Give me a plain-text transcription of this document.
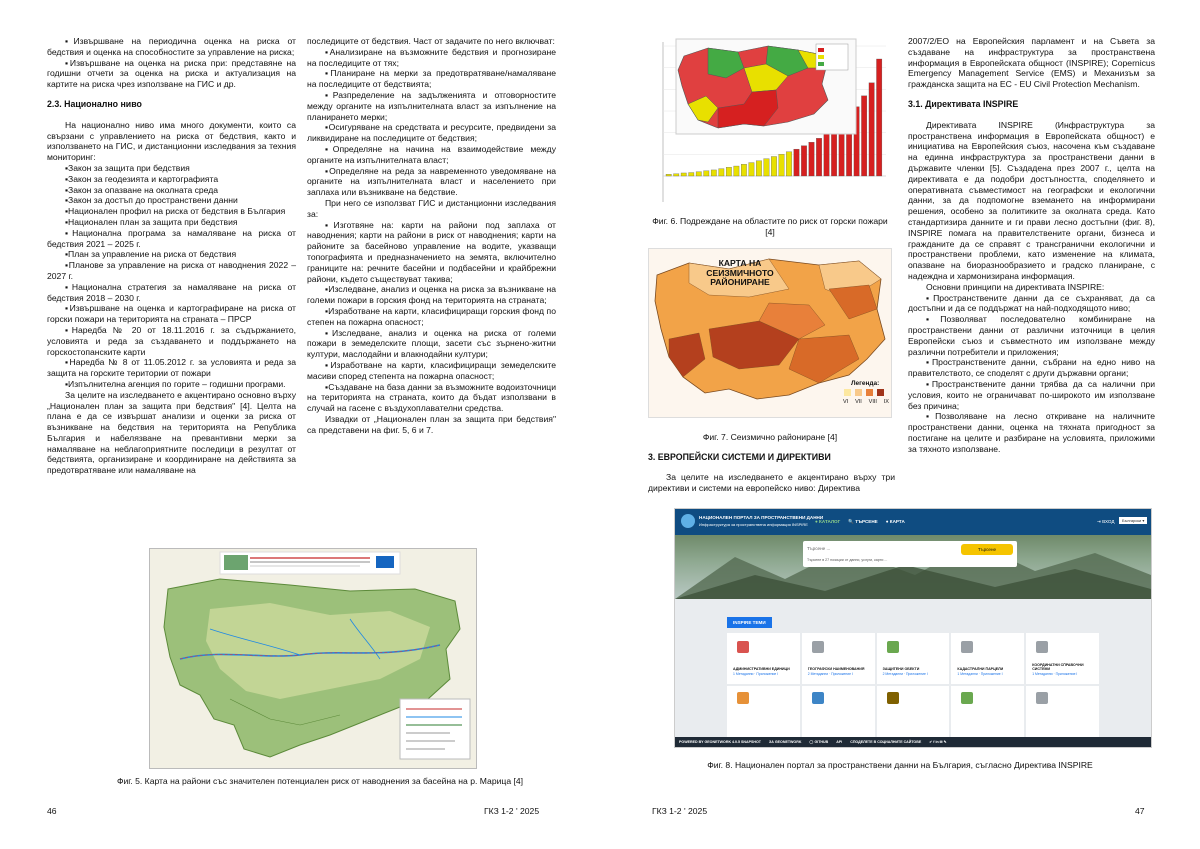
▪Извършване на периодична оценка на риска от бедствия и оценка на способностите за управление на риска;

▪Извършване на оценка на риска при: представяне на годишни отчети за оценка на риска и актуализация на картите на риска чрез използване на ГИС и др.

2.3. Национално ниво

На национално ниво има много документи, които са свързани с управлението на риска от бедствия, както и използването на ГИС, и дистанционни изследвания за техния мониторинг:

▪Закон за защита при бедствия

▪Закон за геодезията и картографията

▪Закон за опазване на околната среда

▪Закон за достъп до пространствени данни

▪Национален профил на риска от бедствия в България

▪Национален план за защита при бедствия

▪Национална програма за намаляване на риска от бедствия 2021 – 2025 г.

▪План за управление на риска от бедствия

▪Планове за управление на риска от наводнения 2022 – 2027 г.

▪Национална стратегия за намаляване на риска от бедствия 2018 – 2030 г.

▪Извършване на оценка и картографиране на риска от горски пожари на територията на страната – ПРСР

▪Наредба № 20 от 18.11.2016 г. за съдържанието, условията и реда за създаването и поддържането на горскостопанските карти

▪Наредба № 8 от 11.05.2012 г. за условията и реда за защита на горските територии от пожари

▪Изпълнителна агенция по горите – годишни програми.

За целите на изследването е акцентирано основно върху „Национален план за защита при бедствия" [4]. Целта на плана е да се извършат анализи и оценки за риска от възникване на бедствия на територията на Република България и набелязване на превантивни мерки за намаляване на неблагоприятните последици в резултат от бедствията, организиране и координиране на действията за предотвратяване или намаляване на

последиците от бедствия. Част от задачите по него включват:

▪Анализиране на възможните бедствия и прогнозиране на последиците от тях;

▪Планиране на мерки за предотвратяване/намаляване на последиците от бедствията;

▪Разпределение на задълженията и отговорностите между органите на изпълнителната власт за изпълнение на планирането мерки;

▪Осигуряване на средствата и ресурсите, предвидени за ликвидиране на последиците от бедствия;

▪Определяне на начина на взаимодействие между органите на изпълнителната власт;

▪Определяне на реда за навременното уведомяване на органите на изпълнителната власт и населението при заплаха или възникване на бедствие.

При него се използват ГИС и дистанционни изследвания за:

▪Изготвяне на: карти на райони под заплаха от наводнения; карти на райони в риск от наводнения; карти на районите за басейново управление на водите, указващи топографията и предназначението на земята, включително границите на: речните басейни и подбасейни и крайбрежни райони, където съществуват такива;

▪Изследване, анализ и оценка на риска за възникване на големи пожари в горския фонд на територията на страната;

▪Изработване на карти, класифициращи горския фонд по степен на пожарна опасност;

▪Изследване, анализ и оценка на риска от големи пожари в земеделските площи, засети със зърнено-житни култури, маслодайни и влакнодайни култури;

▪Изработване на карти, класифициращи земеделските масиви според степента на пожарна опасност;

▪Създаване на база данни за възможните водоизточници на територията на страната, които да бъдат използвани в случай на гасене с въздухоплавателни средства.

Извадки от „Национален план за защита при бедствия" са представени на фиг. 5, 6 и 7.

Фиг. 5. Карта на райони със значителен потенциален риск от наводнения за басейна на р. Марица [4]
46	ГКЗ 1-2 ' 2025
Фиг. 6. Подреждане на областите по риск от горски пожари [4]
КАРТА НА СЕИЗМИЧНОТО РАЙОНИРАНЕ
Легенда:
VI VII VIII IX
Фиг. 7. Сеизмично райониране [4]
3. ЕВРОПЕЙСКИ СИСТЕМИ И ДИРЕКТИВИ

За целите на изследването е акцентирано върху три директиви и системи на европейско ниво: Директива

2007/2/ЕО на Европейския парламент и на Съвета за създаване на инфраструктура за пространствена информация в Европейската общност (INSPIRE); Copernicus Emergency Management Service (EMS) и Механизъм за гражданска защита на ЕС - EU Civil Protection Mechanism.

3.1. Директивата INSPIRE

Директивата INSPIRE (Инфраструктура за пространствена информация в Европейската общност) е инициатива на Европейския съюз, насочена към създаване на единна инфраструктура за пространствени данни в държавите членки [5]. Създадена през 2007 г., целта на директивата е да подобри достъпността, споделянето и оперативната съвместимост на географски и екологични данни, за да подпомогне вземането на информирани решения, особено за политиките за околната среда. Като стандартизира данните и ги прави лесно достъпни (фиг. 8), INSPIRE помага на правителствените органи, бизнеса и гражданите да се справят с трансгранични екологични и пространствени проблеми, като изменение на климата, опазване на биоразнообразието и градско планиране, с надеждна и хармонизирана информация.

Основни принципи на директивата INSPIRE:

▪Пространствените данни да се съхраняват, да са достъпни и да се поддържат на най-подходящото ниво;

▪Позволяват последователно комбиниране на пространствени данни от различни източници в целия Европейски съюз и съвместното им използване между различни потребители и приложения;

▪Пространствените данни, събрани на едно ниво на правителството, се споделят с други държавни органи;

▪Пространствените данни трябва да са налични при условия, които не ограничават по-широкото им използване без причина;

▪Позволяване на лесно откриване на наличните пространствени данни, оценка на тяхната пригодност за постигане на целите и разбиране на условията, приложими за тяхното използване.

НАЦИОНАЛЕН ПОРТАЛ ЗА ПРОСТРАНСТВЕНИ ДАННИ
Инфраструктура за пространствена информация INSPIRE
● КАТАЛОГ 🔍 ТЪРСЕНЕ ● КАРТА	⇥ ВХОД	Български ▾
Търсене ...	Търсене
Търсене в 27 позиции от данни, услуги, карти ...
INSPIRE ТЕМИ
АДМИНИСТРАТИВНИ ЕДИНИЦИ
1 Метаданни · Приложение I
ГЕОГРАФСКИ НАИМЕНОВАНИЯ
2 Метаданни · Приложение I
ЗАЩИТЕНИ ОБЕКТИ
2 Метаданни · Приложение I
КАДАСТРАЛНИ ПАРЦЕЛИ
1 Метаданни · Приложение I
КООРДИНАТНИ СПРАВОЧНИ СИСТЕМИ
1 Метаданни · Приложение I
POWERED BY GEONETWORK 4.0.5 SNAPSHOT ЗА GEONETWORK ◯ GITHUB API СПОДЕЛЕТЕ В СОЦИАЛНИТЕ САЙТОВЕ ✔ f in ✉ ✎
Фиг. 8. Национален портал за пространствени данни на България, съгласно Директива INSPIRE
ГКЗ 1-2 ' 2025	47
